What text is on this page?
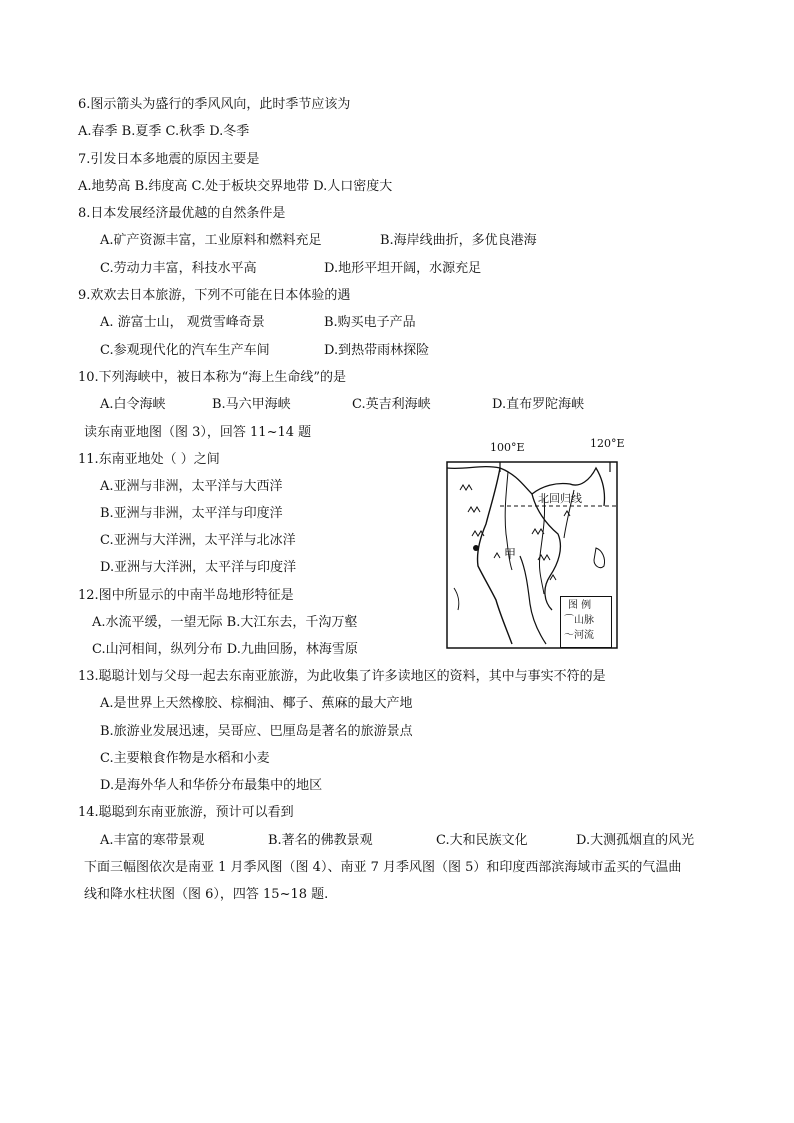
6.图示箭头为盛行的季风风向，此时季节应该为
A.春季 B.夏季 C.秋季 D.冬季
7.引发日本多地震的原因主要是
A.地势高 B.纬度高 C.处于板块交界地带 D.人口密度大
8.日本发展经济最优越的自然条件是
A.矿产资源丰富，工业原料和燃料充足	B.海岸线曲折，多优良港海
C.劳动力丰富，科技水平高	D.地形平坦开阔，水源充足
9.欢欢去日本旅游，下列不可能在日本体验的遇
A. 游富士山， 观赏雪峰奇景	B.购买电子产品
C.参观现代化的汽车生产车间	D.到热带雨林探险
10.下列海峡中，被日本称为“海上生命线”的是
A.白令海峡	B.马六甲海峡	C.英吉利海峡	D.直布罗陀海峡
读东南亚地图（图 3），回答 11~14 题
11.东南亚地处（ ）之间
A.亚洲与非洲，太平洋与大西洋
B.亚洲与非洲，太平洋与印度洋
C.亚洲与大洋洲，太平洋与北冰洋
D.亚洲与大洋洲，太平洋与印度洋
12.图中所显示的中南半岛地形特征是
A.水流平缓，一望无际 B.大江东去，千沟万壑
C.山河相间，纵列分布 D.九曲回肠，林海雪原
13.聪聪计划与父母一起去东南亚旅游，为此收集了许多读地区的资料，其中与事实不符的是
A.是世界上天然橡胶、棕榈油、椰子、蕉麻的最大产地
B.旅游业发展迅速，吴哥应、巴厘岛是著名的旅游景点
C.主要粮食作物是水稻和小麦
D.是海外华人和华侨分布最集中的地区
14.聪聪到东南亚旅游，预计可以看到
A.丰富的寒带景观	B.著名的佛教景观	C.大和民族文化	D.大测孤烟直的风光
下面三幅图依次是南亚 1 月季风图（图 4）、南亚 7 月季风图（图 5）和印度西部滨海域市孟买的气温曲
线和降水柱状图（图 6），四答 15~18 题.
100°E	120°E
北回归线
甲
图 例
⌒山脉
〜河流
